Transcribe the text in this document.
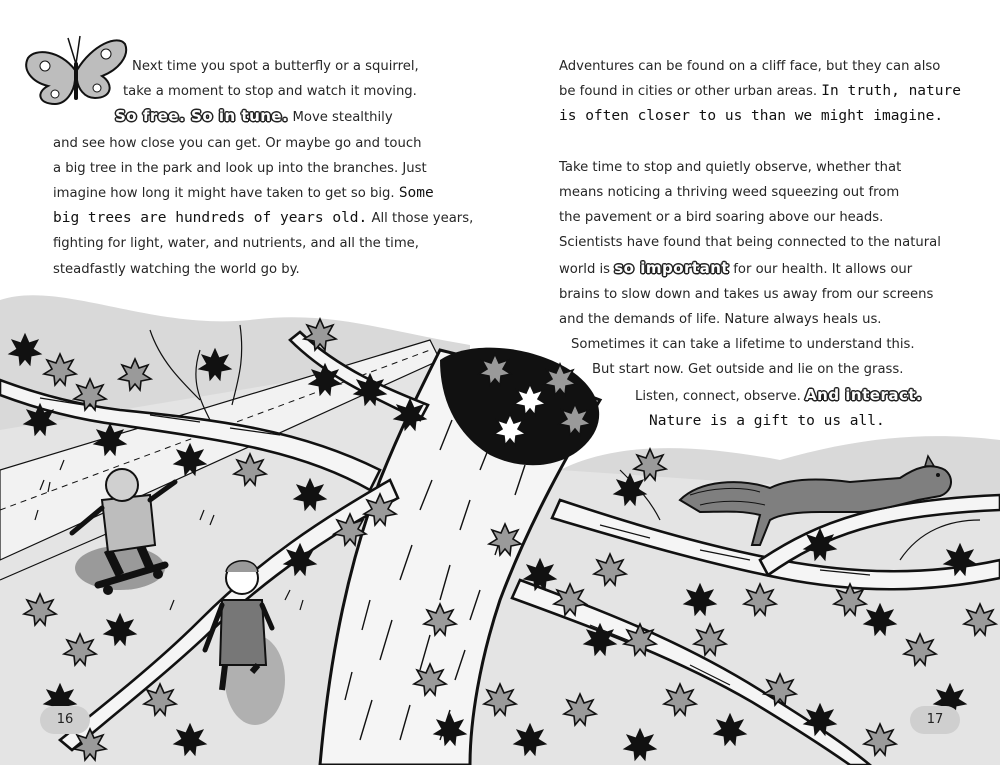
Next time you spot a butterfly or a squirrel,
take a moment to stop and watch it moving.
So free. So in tune. Move stealthily
and see how close you can get. Or maybe go and touch
a big tree in the park and look up into the branches. Just
imagine how long it might have taken to get so big. Some
big trees are hundreds of years old. All those years,
fighting for light, water, and nutrients, and all the time,
steadfastly watching the world go by.
Adventures can be found on a cliff face, but they can also
be found in cities or other urban areas. In truth, nature
is often closer to us than we might imagine.

Take time to stop and quietly observe, whether that
means noticing a thriving weed squeezing out from
the pavement or a bird soaring above our heads.
Scientists have found that being connected to the natural
world is so important for our health. It allows our
brains to slow down and takes us away from our screens
and the demands of life. Nature always heals us.
Sometimes it can take a lifetime to understand this.
But start now. Get outside and lie on the grass.
Listen, connect, observe. And interact.
Nature is a gift to us all.
16	17
